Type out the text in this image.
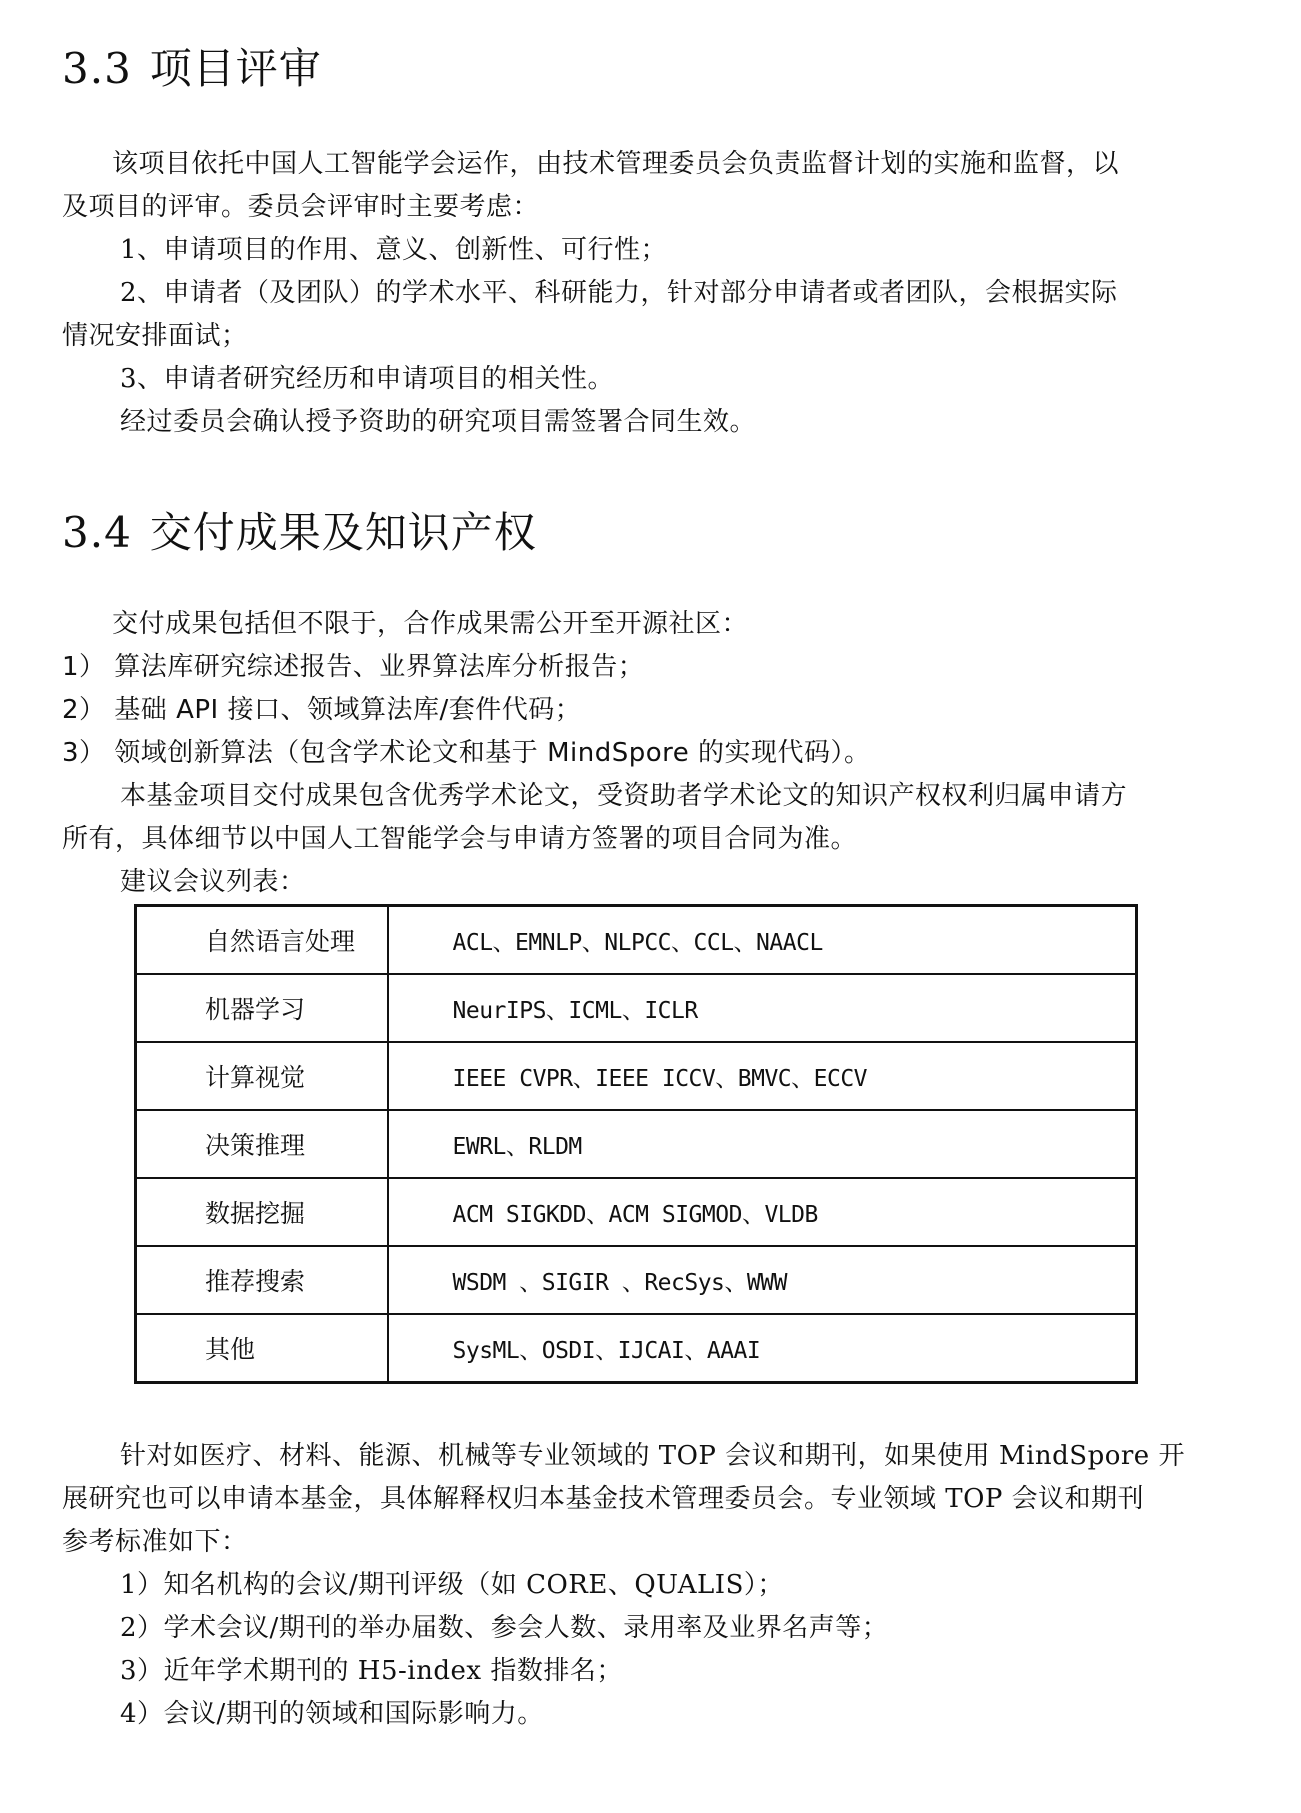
3.3 项目评审

该项目依托中国人工智能学会运作，由技术管理委员会负责监督计划的实施和监督，以

及项目的评审。委员会评审时主要考虑：

1、申请项目的作用、意义、创新性、可行性；

2、申请者（及团队）的学术水平、科研能力，针对部分申请者或者团队，会根据实际

情况安排面试；

3、申请者研究经历和申请项目的相关性。

经过委员会确认授予资助的研究项目需签署合同生效。

3.4 交付成果及知识产权

交付成果包括但不限于，合作成果需公开至开源社区：

1） 算法库研究综述报告、业界算法库分析报告；

2） 基础 API 接口、领域算法库/套件代码；

3） 领域创新算法（包含学术论文和基于 MindSpore 的实现代码）。

本基金项目交付成果包含优秀学术论文，受资助者学术论文的知识产权权利归属申请方

所有，具体细节以中国人工智能学会与申请方签署的项目合同为准。

建议会议列表：

自然语言处理	ACL、EMNLP、NLPCC、CCL、NAACL
机器学习	NeurIPS、ICML、ICLR
计算视觉	IEEE CVPR、IEEE ICCV、BMVC、ECCV
决策推理	EWRL、RLDM
数据挖掘	ACM SIGKDD、ACM SIGMOD、VLDB
推荐搜索	WSDM 、SIGIR 、RecSys、WWW
其他	SysML、OSDI、IJCAI、AAAI

针对如医疗、材料、能源、机械等专业领域的 TOP 会议和期刊，如果使用 MindSpore 开

展研究也可以申请本基金，具体解释权归本基金技术管理委员会。专业领域 TOP 会议和期刊

参考标准如下：

1）知名机构的会议/期刊评级（如 CORE、QUALIS）；

2）学术会议/期刊的举办届数、参会人数、录用率及业界名声等；

3）近年学术期刊的 H5-index 指数排名；

4）会议/期刊的领域和国际影响力。
